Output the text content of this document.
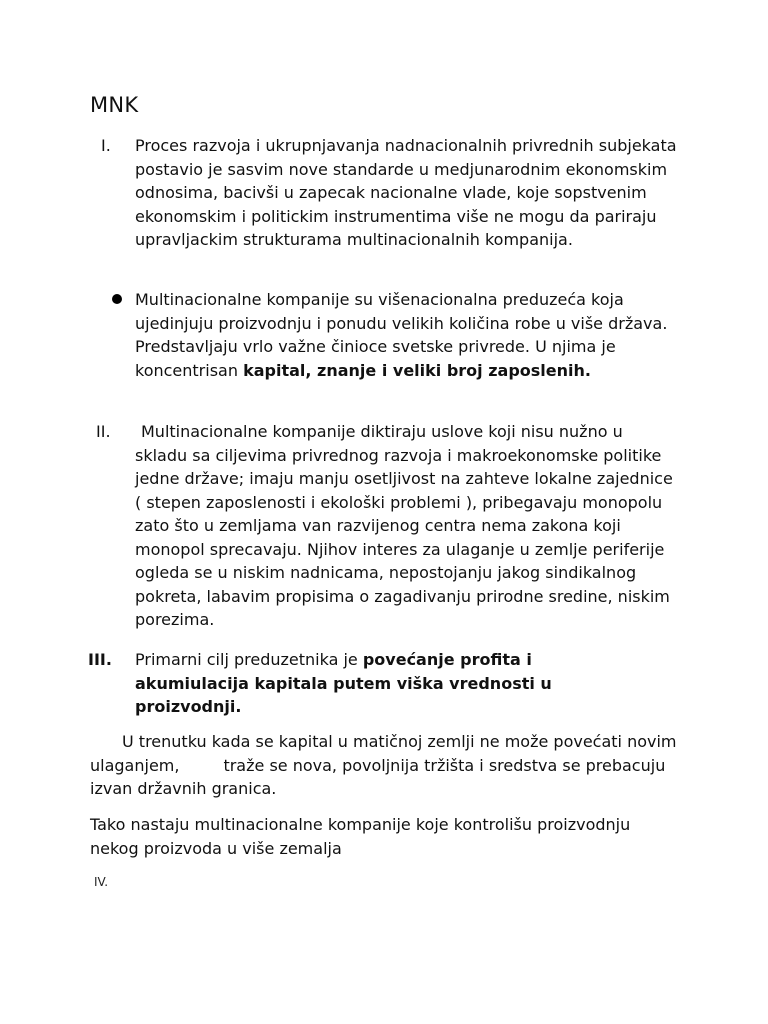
MNK
I. Proces razvoja i ukrupnjavanja nadnacionalnih privrednih subjekata postavio je sasvim nove standarde u medjunarodnim ekonomskim odnosima, bacivši u zapecak nacionalne vlade, koje sopstvenim ekonomskim i politickim instrumentima više ne mogu da pariraju upravljackim strukturama multinacionalnih kompanija.
Multinacionalne kompanije su višenacionalna preduzeća koja ujedinjuju proizvodnju i ponudu velikih količina robe u više država. Predstavljaju vrlo važne činioce svetske privrede. U njima je koncentrisan kapital, znanje i veliki broj zaposlenih.
II.	Multinacionalne kompanije diktiraju uslove koji nisu nužno u skladu sa ciljevima privrednog razvoja i makroekonomske politike jedne države; imaju manju osetljivost na zahteve lokalne zajednice ( stepen zaposlenosti i ekološki problemi ), pribegavaju monopolu zato što u zemljama van razvijenog centra nema zakona koji monopol sprecavaju. Njihov interes za ulaganje u zemlje periferije ogleda se u niskim nadnicama, nepostojanju jakog sindikalnog pokreta, labavim propisima o zagadivanju prirodne sredine, niskim porezima.
III. Primarni cilj preduzetnika je povećanje profita i akumiulacija kapitala putem viška vrednosti u proizvodnji.
U trenutku kada se kapital u matičnoj zemlji ne može povećati novim ulaganjem,	traže se nova, povoljnija tržišta i sredstva se prebacuju izvan državnih granica.
Tako nastaju multinacionalne kompanije koje kontrolišu proizvodnju nekog proizvoda u više zemalja
IV.
